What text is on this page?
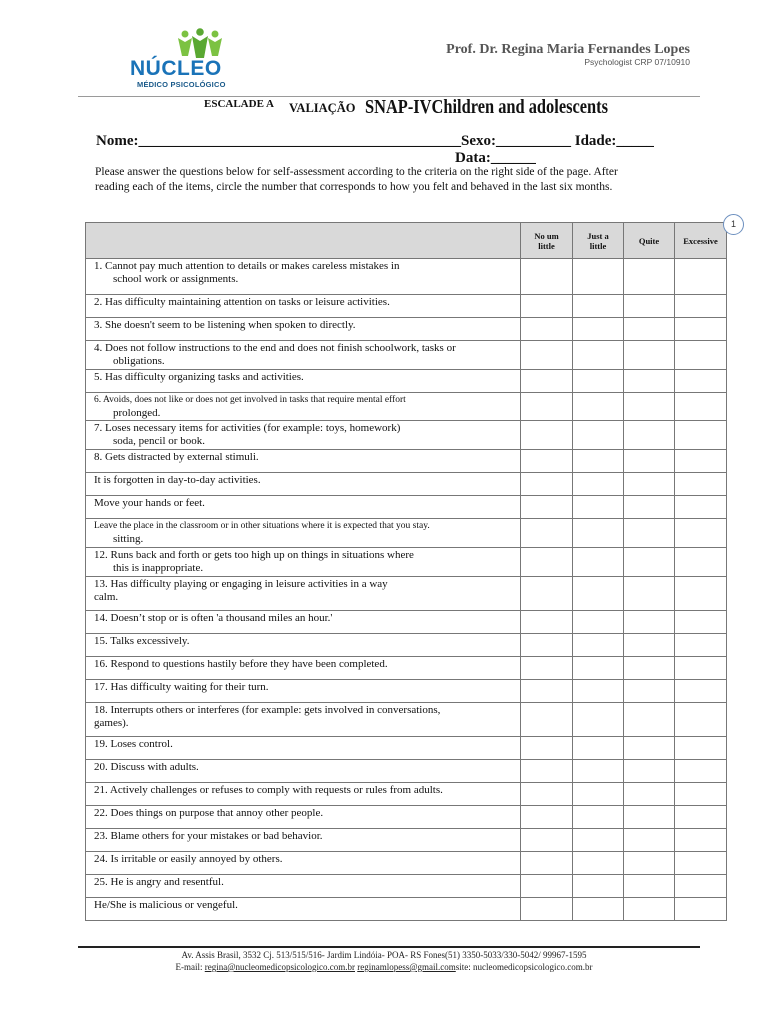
NÚCLEO
MÉDICO PSICOLÓGICO
Prof. Dr. Regina Maria Fernandes Lopes
Psychologist CRP 07/10910
ESCALADE A VALIAÇÃO SNAP-IVChildren and adolescents
Nome:___________________________________________Sexo:__________ Idade:_____
Data:______
Please answer the questions below for self-assessment according to the criteria on the right side of the page. After reading each of the items, circle the number that corresponds to how you felt and behaved in the last six months.
	No um little	Just a little	Quite	Excessive

1. Cannot pay much attention to details or makes careless mistakes in
school work or assignments.				

2. Has difficulty maintaining attention on tasks or leisure activities.				

3. She doesn't seem to be listening when spoken to directly.				

4. Does not follow instructions to the end and does not finish schoolwork, tasks or
obligations.				

5. Has difficulty organizing tasks and activities.				

6. Avoids, does not like or does not get involved in tasks that require mental effort
prolonged.				

7. Loses necessary items for activities (for example: toys, homework)
soda, pencil or book.				

8. Gets distracted by external stimuli.				

It is forgotten in day-to-day activities.				

Move your hands or feet.				

Leave the place in the classroom or in other situations where it is expected that you stay.
sitting.				

12. Runs back and forth or gets too high up on things in situations where
this is inappropriate.				

13. Has difficulty playing or engaging in leisure activities in a way
calm.				

14. Doesn’t stop or is often 'a thousand miles an hour.'				

15. Talks excessively.				

16. Respond to questions hastily before they have been completed.				

17. Has difficulty waiting for their turn.				

18. Interrupts others or interferes (for example: gets involved in conversations,
games).				

19. Loses control.				

20. Discuss with adults.				

21. Actively challenges or refuses to comply with requests or rules from adults.				

22. Does things on purpose that annoy other people.				

23. Blame others for your mistakes or bad behavior.				

24. Is irritable or easily annoyed by others.				

25. He is angry and resentful.				

He/She is malicious or vengeful.				

1
Av. Assis Brasil, 3532 Cj. 513/515/516- Jardim Lindóia- POA- RS Fones(51) 3350-5033/330-5042/ 99967-1595
E-mail: regina@nucleomedicopsicologico.com.br reginamlopess@gmail.comsite: nucleomedicopsicologico.com.br
